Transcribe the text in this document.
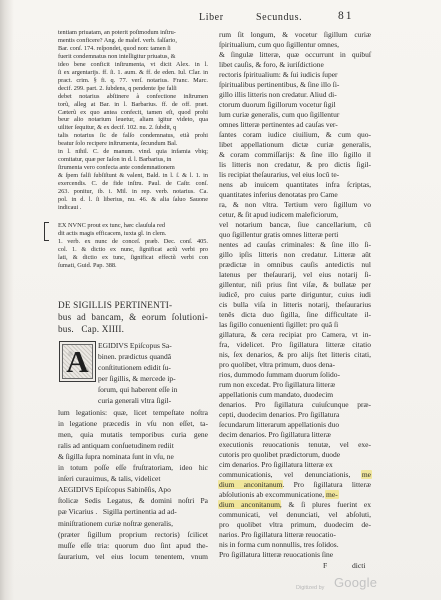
Liber	Secundus.	81
tentiam priuatam, an poterit poſtmodum inſtru-
mentis conficere? Ang. de malef. verb. falſario,
Bar. conſ. 174. reſpondet, quod non: tamen ſi
fuerit condemnatus non intelligitur priuatus, &
ideo bene conficit inſtrumenta, vt dicit Alex. in l.
ſi ex argentarijs. ff. ſi. 1. aum. & ff. de eden. Iul. Clar. in
pract. crim. § fi. q. 77. verſ. notarius. Franc. Marc.
decif. 299. part. 2. ſubdens, q pendente ſpe falſi
debet notarius abſtinere à confectione inſtrumen
torũ, alleg at Bar. in l. Barbarius. ff. de off. præt.
Cæterũ ex quo antea confecit, tamen eſt, quod prohi
beur alio notarium leuetur, aliam igitur videto, qua
uiliter ſequitur, & ex decif. 102. nu. 2. ſubdit, q
talis notarius ſic de falſo condemnatus, etiã prohi
beatur ſolo recipere inſtrumenta, ſecundum Bal.
in l. nihil. C. de manum. vind. quia infamia vbiq;
comitatur, quæ per Iaſon in d. l. Barbarius, in
ſtrumenta vero confecta ante condemnationem
& ſpem falſi ſubſiſtunt & valent, Bald. in l. ſ. & l. 1. in
exercendis. C. de fide inſtru. Paul. de Caſtr. conſ.
263. ponitur, ib. i. Mil. in rep. verb. notarius. Ca.
pol. in d. l. ſi liberius, nu. 46. & alia ſaluo Sauone
indicaui .
EX NVNC prout ex tunc, hæc clauſula red
dit actis magis efficacem, iuxta gl. in clem.
1. verb. ex nunc de conceſ. præb. Dec. conſ. 405.
col. 1. & dictio ex nunc, ſignificat actũ verbi pro
lati, & dictio ex tunc, ſignificat effectũ verbi con
ſumati, Guid. Pap. 388.
DE SIGILLIS PERTINENTI-
bus ad bancam, & eorum ſolutioni-
bus.   Cap. XIIII.
A	EGIDIVS Epiſcopus Sa-
binen. prædictus quandã
conſtitutionem edidit ſu-
per ſigillis, & mercede ip-
ſorum, qui haberent eſſe in
curia generali vltra ſigil-
lum legationis: quæ, licet tempeſtate noſtra
in legatione præcedis in vſu non eſſet, ta-
men, quia mutatis temporibus curia gene
ralis ad antiquam conſuetudinem rediit
& ſigilla ſupra nominata ſunt in vſu, ne
in totum poſſe eſſe fruſtratoriam, ideo hic
inſeri curauimus, & talis, videlicet
AEGIDIVS Epiſcopus Sabinẽſis, Apo
ſtolicæ Sedis Legatus, & domini noſtri Pa
pæ Vicarius .   Sigilla pertinentia ad ad-
miniſtrationem curiæ noſtræ generalis,
(præter ſigillum proprium rectoris) ſcilicet
muſſe eſſe tria: quorum duo ſint apud the-
ſaurarium, vel eius locum tenentem, vnum
rum ſit longum, & vocetur ſigillum curiæ
ſpiritualium, cum quo ſigillentur omnes,
& ſingulæ litteræ, quæ occurrunt in quibuſ
libet cauſis, & foro, & iuriſdictione
rectoris ſpiritualium: & ſui iudicis ſuper
ſpiritualibus pertinentibus, & ſine illo ſi-
gillo illis litteris non credatur. Aliud di-
ctorum duorum ſigillorum vocetur ſigil
lum curiæ generalis, cum quo ſigillentur
omnes litteræ pertinentes ad cauſas ver-
ſantes coram iudice ciuilium, & cum quo-
libet appellationum dictæ curiæ generalis,
& coram commiſſarijs: & ſine illo ſigillo il
lis litteris non credatur, & pro dictis ſigil-
lis recipiat theſaurarius, vel eius locũ te-
nens ab inuicem quantitates infra ſcriptas,
quantitates inferius denotatas pro Came
ra, & non vltra. Tertium vero ſigillum vo
cetur, & ſit apud iudicem maleficiorum,
vel notarium bancæ, ſiue cancellarium, cũ
quo ſigillentur gratis omnes litteræ perti
nentes ad cauſas criminales: & ſine illo ſi-
gillo ipſis litteris non credatur. Litteræ aũt
prædictæ in omnibus cauſis antedictis nul
latenus per theſaurarij, vel eius notarij ſi-
gillentur, niſi prius ſint viſæ, & bullatæ per
iudicẽ, pro cuius parte diriguntur, cuius iudi
cis bulla viſa in litteris notarij, theſaurarius
tenẽs dicta duo ſigilla, ſine difficultate il-
las ſigillo conuenienti ſigillet: pro quã ſi
gillatura, & cera recipiat pro Camera, vt in-
fra, videlicet. Pro ſigillatura litteræ citatio
nis, ſex denarios, & pro alijs ſtet litteris citati,
pro quolibet, vltra primum, duos dena-
rios, dummodo ſummam duorum ſolido-
rum non excedat. Pro ſigillatura litteræ
appellationis cum mandato, duodecim
denarios. Pro ſigillatura cuiuſcunque præ-
cepti, duodecim denarios. Pro ſigillatura
ſecundarum litterarum appellationis duo
decim denarios. Pro ſigillatura litteræ
executionis reuocationis tenutæ, vel exe-
cutoris pro quolibet prædictorum, duode
cim denarios. Pro ſigillatura litteræ ex
communicationis, vel denunciationis, me
dium anconitanum. Pro ſigillatura litteræ
abſolutionis ab excommunicatione, me-
dium anconitanum, & ſi plures fuerint ex
communicati, vel denunciati, vel abſoluti,
pro quolibet vltra primum, duodecim de-
narios. Pro ſigillatura litteræ reuocatio-
nis in forma cum nonnullis, tres ſolidos.
Pro ſigillatura litteræ reuocationis ſine
F	dicti
Digitized by Google
